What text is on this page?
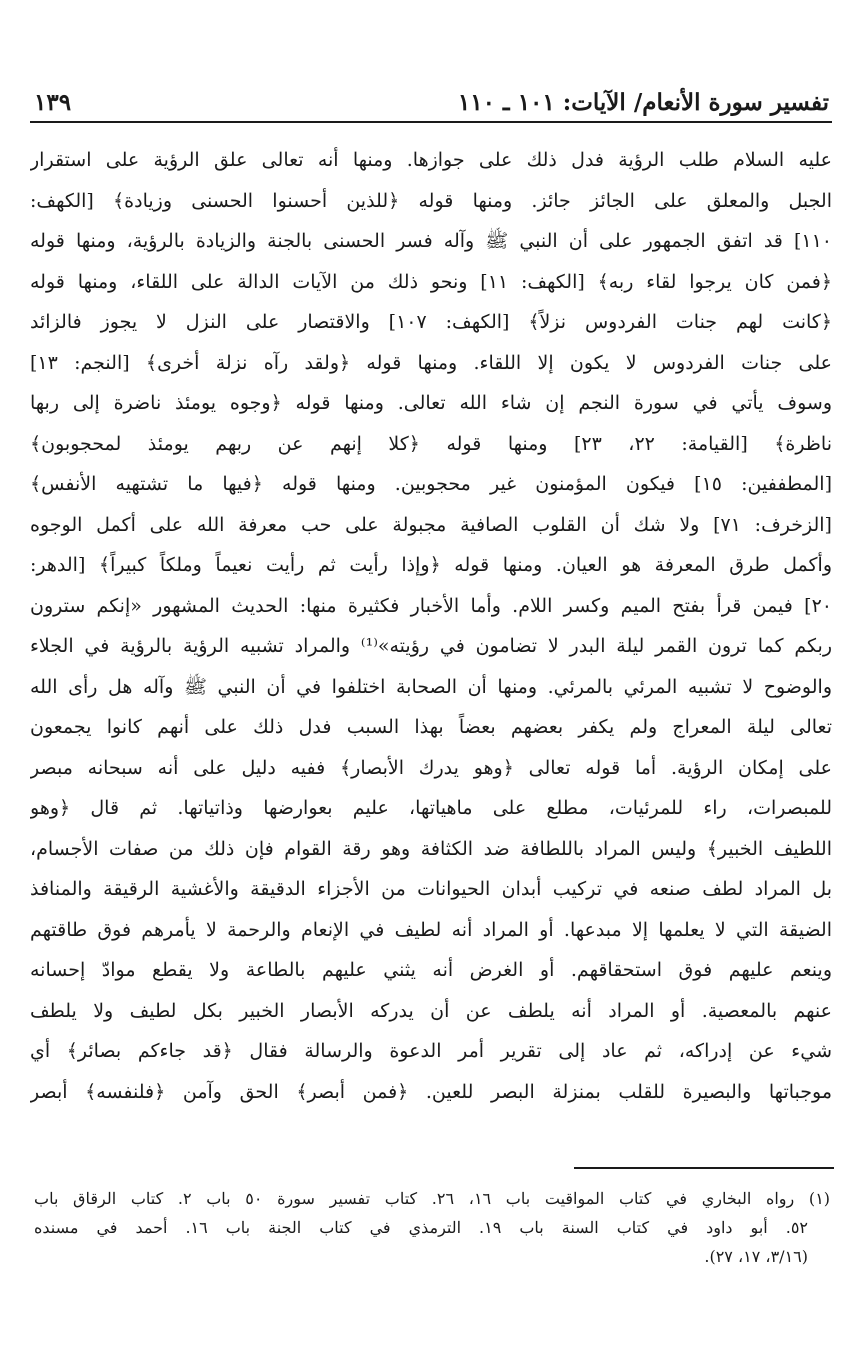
تفسير سورة الأنعام/ الآيات: ١٠١ ـ ١١٠
١٣٩
عليه السلام طلب الرؤية فدل ذلك على جوازها. ومنها أنه تعالى علق الرؤية على استقرار
الجبل والمعلق على الجائز جائز. ومنها قوله ﴿للذين أحسنوا الحسنى وزيادة﴾ [الكهف:
١١٠] قد اتفق الجمهور على أن النبي ﷺ وآله فسر الحسنى بالجنة والزيادة بالرؤية، ومنها قوله
﴿فمن كان يرجوا لقاء ربه﴾ [الكهف: ١١] ونحو ذلك من الآيات الدالة على اللقاء، ومنها قوله
﴿كانت لهم جنات الفردوس نزلاً﴾ [الكهف: ١٠٧] والاقتصار على النزل لا يجوز فالزائد
على جنات الفردوس لا يكون إلا اللقاء. ومنها قوله ﴿ولقد رآه نزلة أخرى﴾ [النجم: ١٣]
وسوف يأتي في سورة النجم إن شاء الله تعالى. ومنها قوله ﴿وجوه يومئذ ناضرة إلى ربها
ناظرة﴾ [القيامة: ٢٢، ٢٣] ومنها قوله ﴿كلا إنهم عن ربهم يومئذ لمحجوبون﴾
[المطففين: ١٥] فيكون المؤمنون غير محجوبين. ومنها قوله ﴿فيها ما تشتهيه الأنفس﴾
[الزخرف: ٧١] ولا شك أن القلوب الصافية مجبولة على حب معرفة الله على أكمل الوجوه
وأكمل طرق المعرفة هو العيان. ومنها قوله ﴿وإذا رأيت ثم رأيت نعيماً وملكاً كبيراً﴾ [الدهر:
٢٠] فيمن قرأ بفتح الميم وكسر اللام. وأما الأخبار فكثيرة منها: الحديث المشهور «إنكم سترون
ربكم كما ترون القمر ليلة البدر لا تضامون في رؤيته»⁽¹⁾ والمراد تشبيه الرؤية بالرؤية في الجلاء
والوضوح لا تشبيه المرئي بالمرئي. ومنها أن الصحابة اختلفوا في أن النبي ﷺ وآله هل رأى الله
تعالى ليلة المعراج ولم يكفر بعضهم بعضاً بهذا السبب فدل ذلك على أنهم كانوا يجمعون
على إمكان الرؤية. أما قوله تعالى ﴿وهو يدرك الأبصار﴾ ففيه دليل على أنه سبحانه مبصر
للمبصرات، راء للمرئيات، مطلع على ماهياتها، عليم بعوارضها وذاتياتها. ثم قال ﴿وهو
اللطيف الخبير﴾ وليس المراد باللطافة ضد الكثافة وهو رقة القوام فإن ذلك من صفات الأجسام،
بل المراد لطف صنعه في تركيب أبدان الحيوانات من الأجزاء الدقيقة والأغشية الرقيقة والمنافذ
الضيقة التي لا يعلمها إلا مبدعها. أو المراد أنه لطيف في الإنعام والرحمة لا يأمرهم فوق طاقتهم
وينعم عليهم فوق استحقاقهم. أو الغرض أنه يثني عليهم بالطاعة ولا يقطع موادّ إحسانه
عنهم بالمعصية. أو المراد أنه يلطف عن أن يدركه الأبصار الخبير بكل لطيف ولا يلطف
شيء عن إدراكه، ثم عاد إلى تقرير أمر الدعوة والرسالة فقال ﴿قد جاءكم بصائر﴾ أي
موجباتها والبصيرة للقلب بمنزلة البصر للعين. ﴿فمن أبصر﴾ الحق وآمن ﴿فلنفسه﴾ أبصر
(١) رواه البخاري في كتاب المواقيت باب ١٦، ٢٦. كتاب تفسير سورة ٥٠ باب ٢. كتاب الرقاق باب
٥٢. أبو داود في كتاب السنة باب ١٩. الترمذي في كتاب الجنة باب ١٦. أحمد في مسنده
(٣/١٦، ١٧، ٢٧).
